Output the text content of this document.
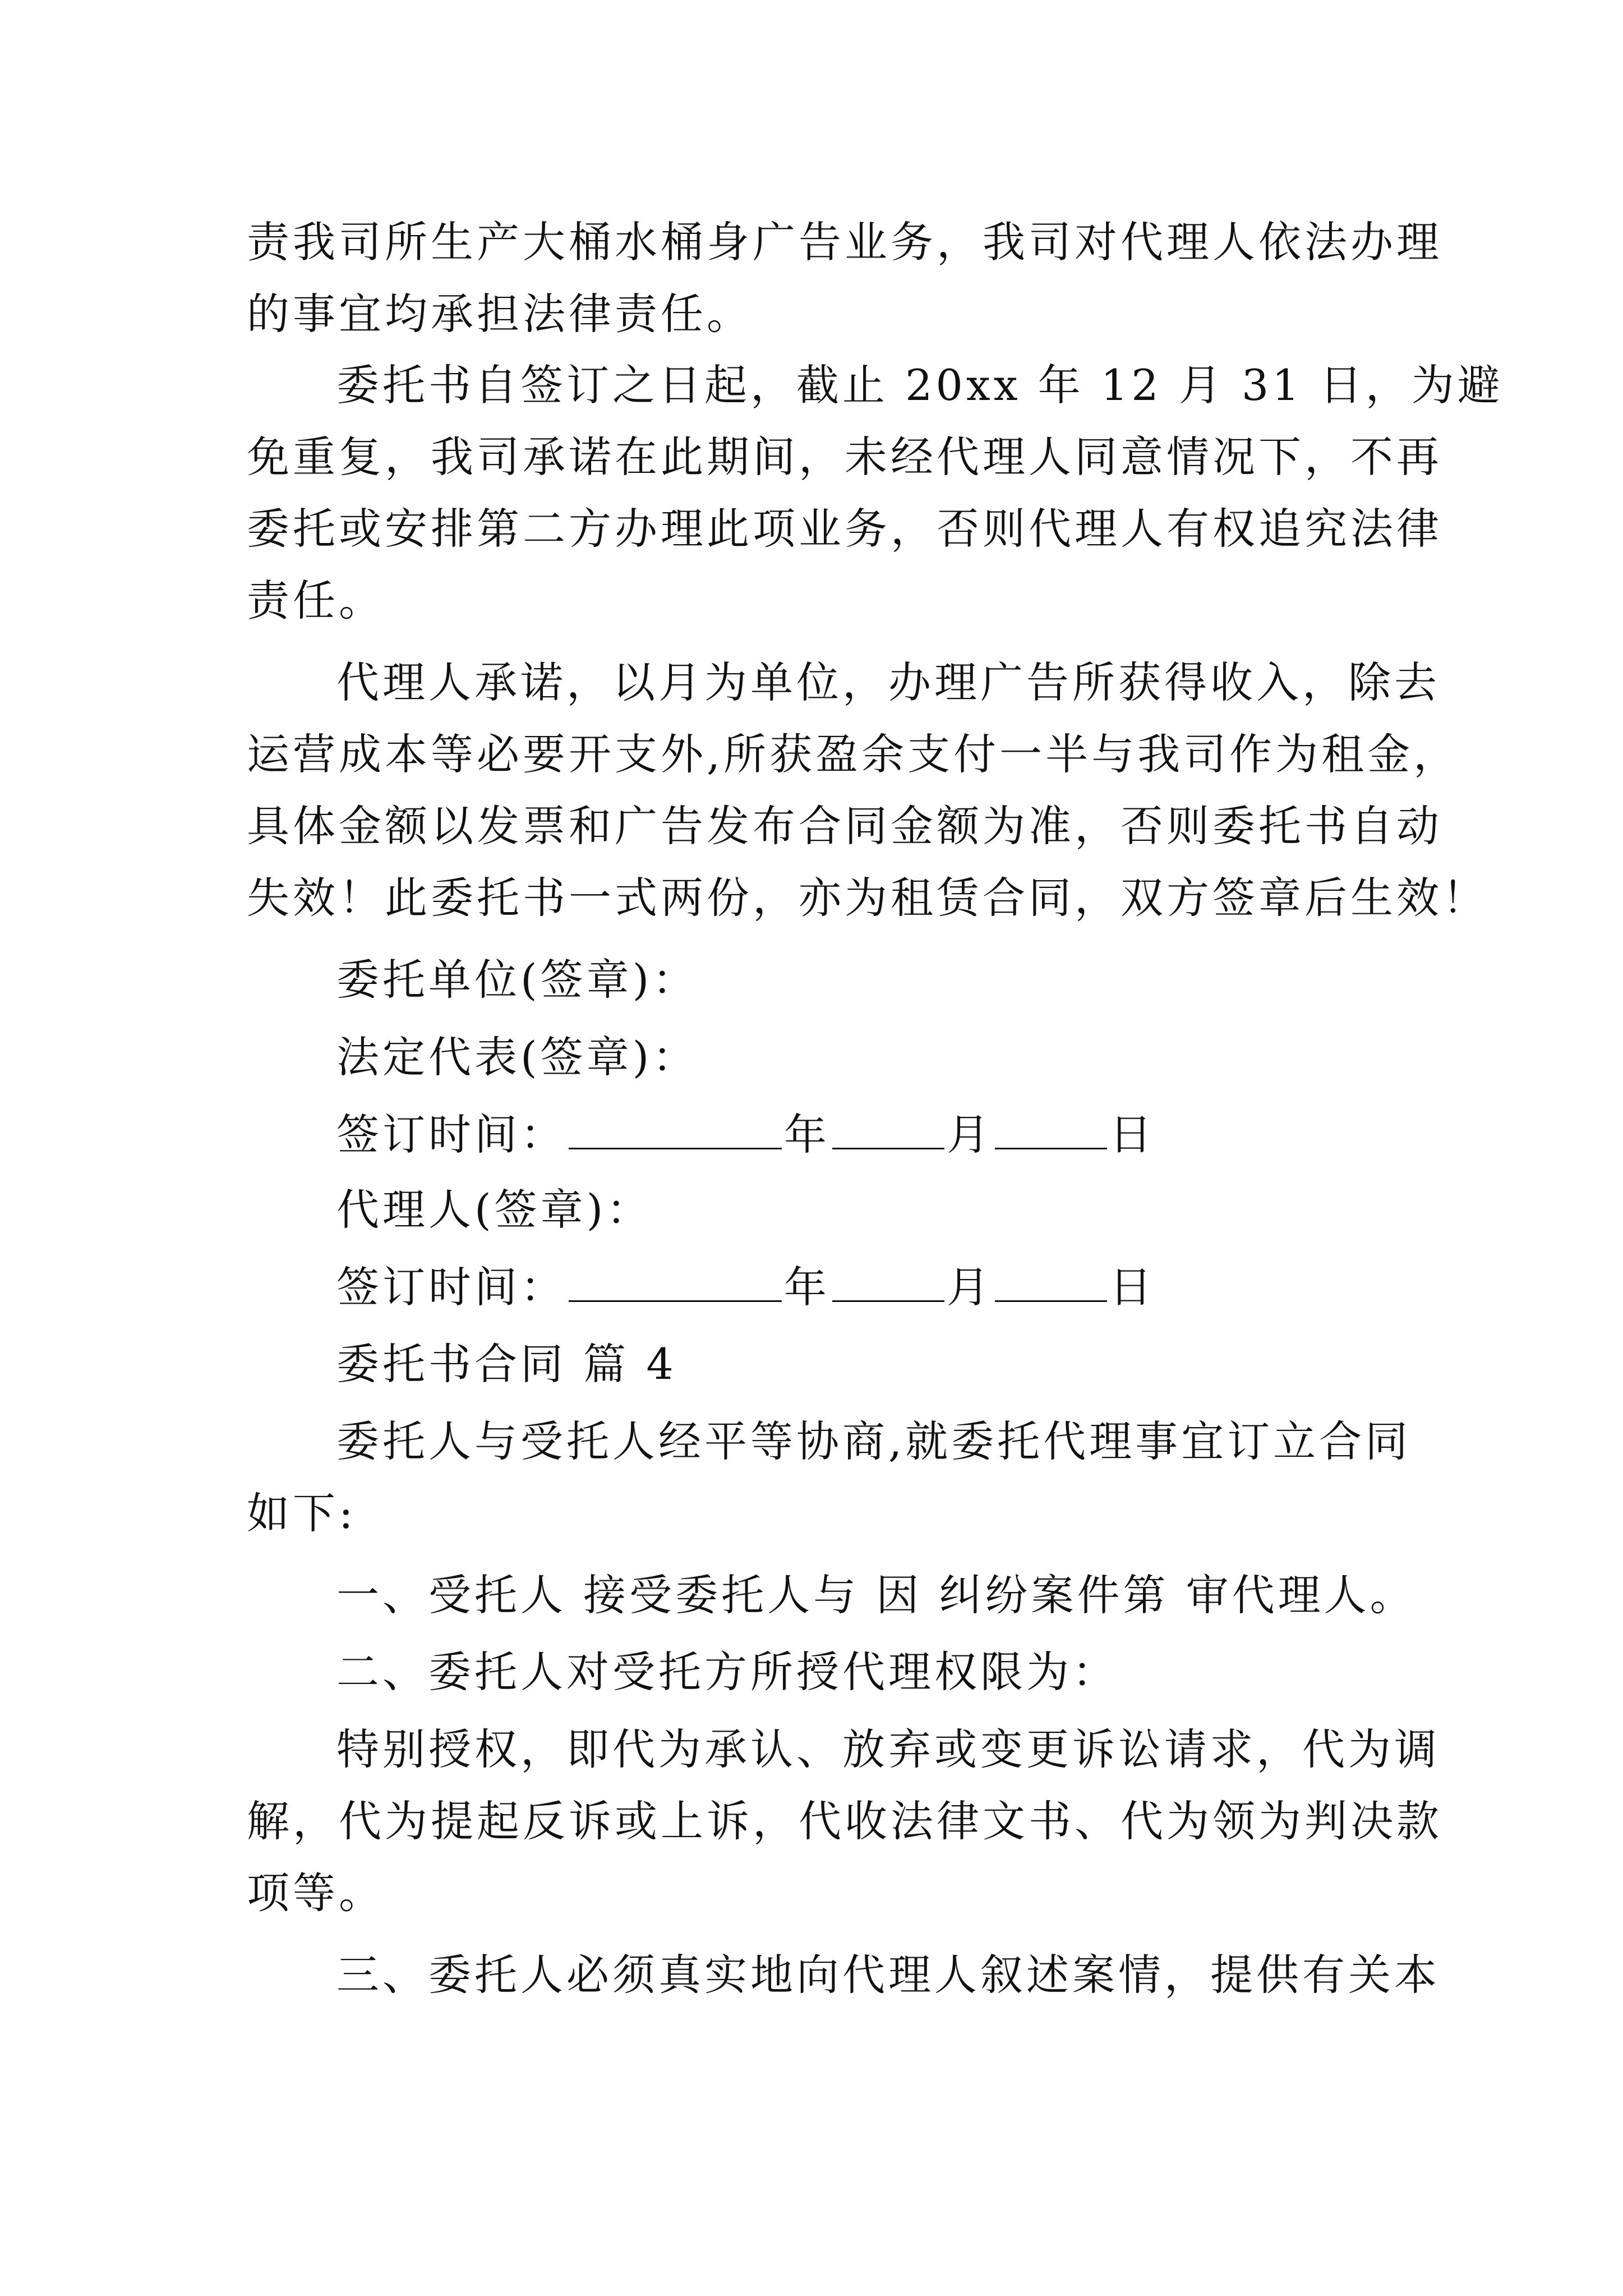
责我司所生产大桶水桶身广告业务，我司对代理人依法办理
的事宜均承担法律责任。
委托书自签订之日起，截止 20xx 年 12 月 31 日，为避
免重复，我司承诺在此期间，未经代理人同意情况下，不再
委托或安排第二方办理此项业务，否则代理人有权追究法律
责任。
代理人承诺，以月为单位，办理广告所获得收入，除去
运营成本等必要开支外,所获盈余支付一半与我司作为租金，
具体金额以发票和广告发布合同金额为准，否则委托书自动
失效！此委托书一式两份，亦为租赁合同，双方签章后生效！
委托单位(签章)：
法定代表(签章)：
签订时间：	年	月	日
代理人(签章)：
签订时间：	年	月	日
委托书合同 篇 4
委托人与受托人经平等协商,就委托代理事宜订立合同
如下:
一、受托人 接受委托人与 因 纠纷案件第 审代理人。
二、委托人对受托方所授代理权限为：
特别授权，即代为承认、放弃或变更诉讼请求，代为调
解，代为提起反诉或上诉，代收法律文书、代为领为判决款
项等。
三、委托人必须真实地向代理人叙述案情，提供有关本
